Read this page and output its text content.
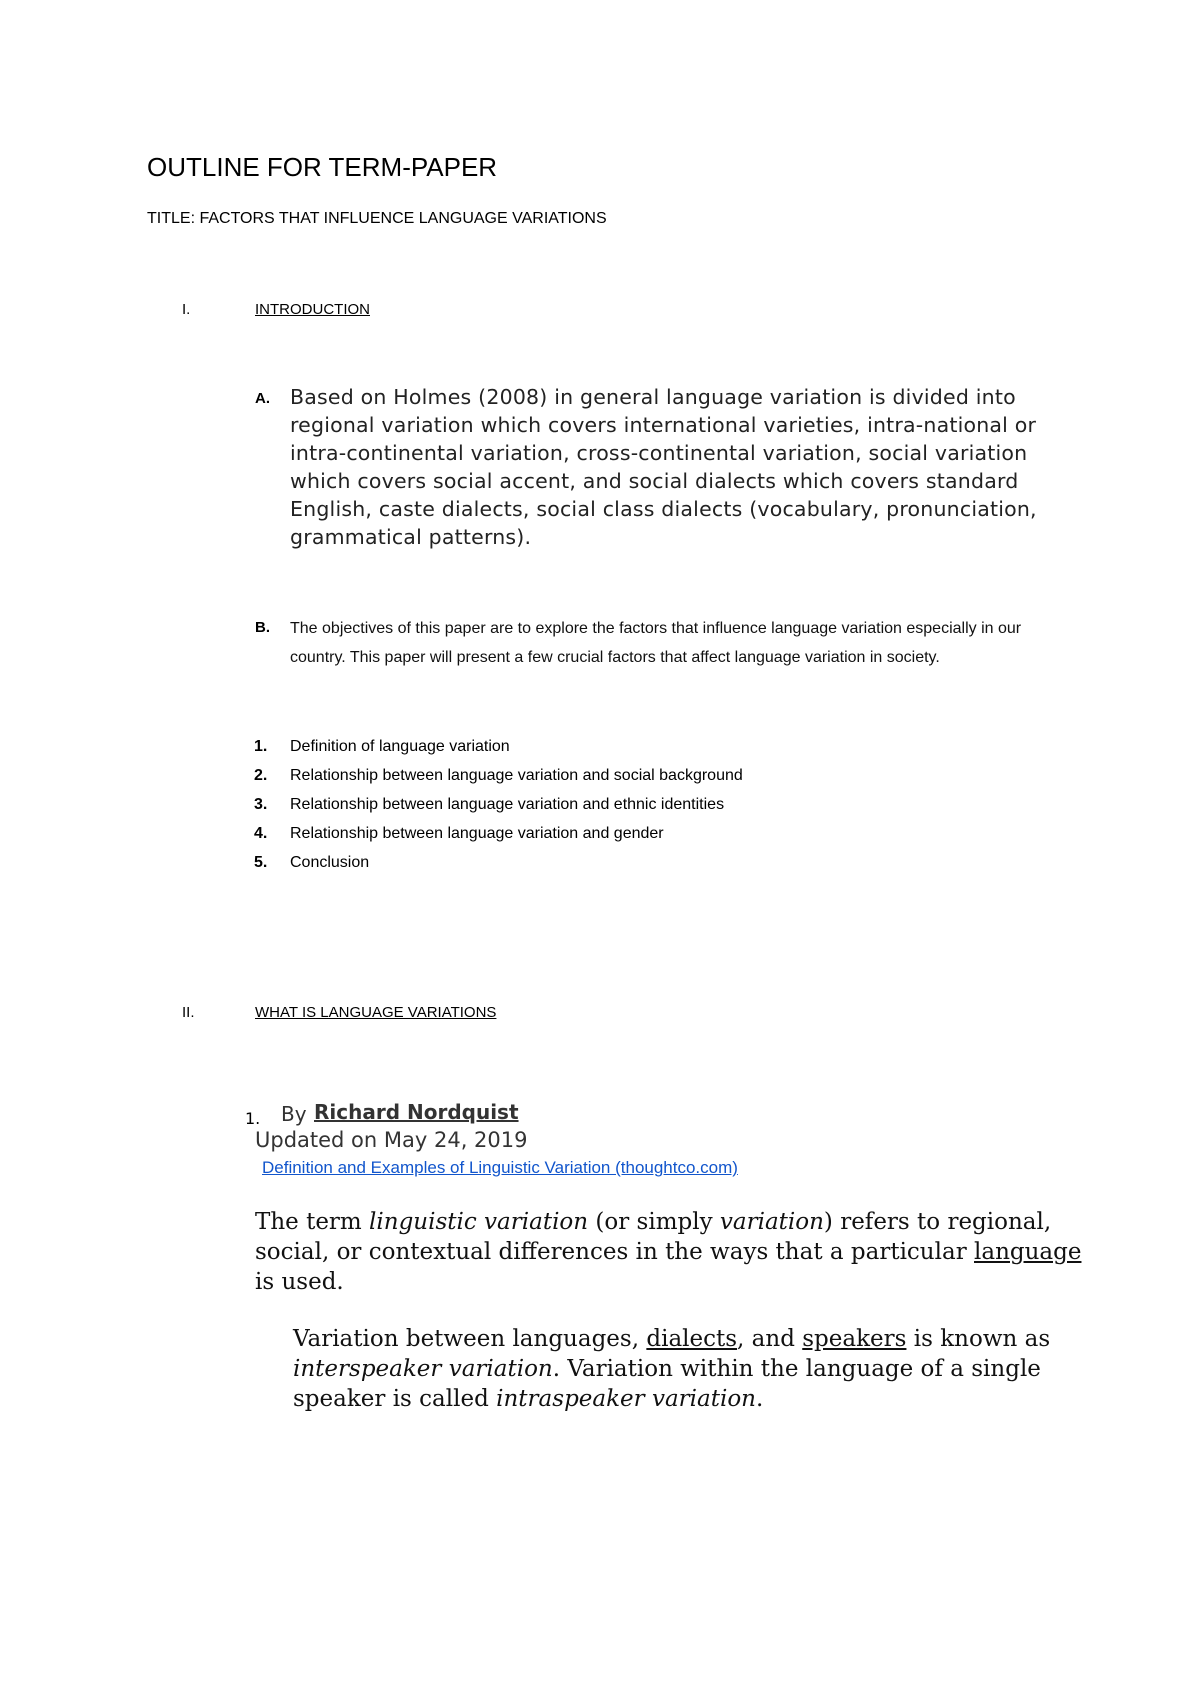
OUTLINE FOR TERM-PAPER
TITLE: FACTORS THAT INFLUENCE LANGUAGE VARIATIONS
I.	INTRODUCTION
A. Based on Holmes (2008) in general language variation is divided into regional variation which covers international varieties, intra-national or intra-continental variation, cross-continental variation, social variation which covers social accent, and social dialects which covers standard English, caste dialects, social class dialects (vocabulary, pronunciation, grammatical patterns).
B. The objectives of this paper are to explore the factors that influence language variation especially in our country. This paper will present a few crucial factors that affect language variation in society.
1. Definition of language variation
2. Relationship between language variation and social background
3. Relationship between language variation and ethnic identities
4. Relationship between language variation and gender
5. Conclusion
II.	WHAT IS LANGUAGE VARIATIONS
1. By Richard Nordquist
Updated on May 24, 2019
Definition and Examples of Linguistic Variation (thoughtco.com)
The term linguistic variation (or simply variation) refers to regional, social, or contextual differences in the ways that a particular language is used.
Variation between languages, dialects, and speakers is known as interspeaker variation. Variation within the language of a single speaker is called intraspeaker variation.
